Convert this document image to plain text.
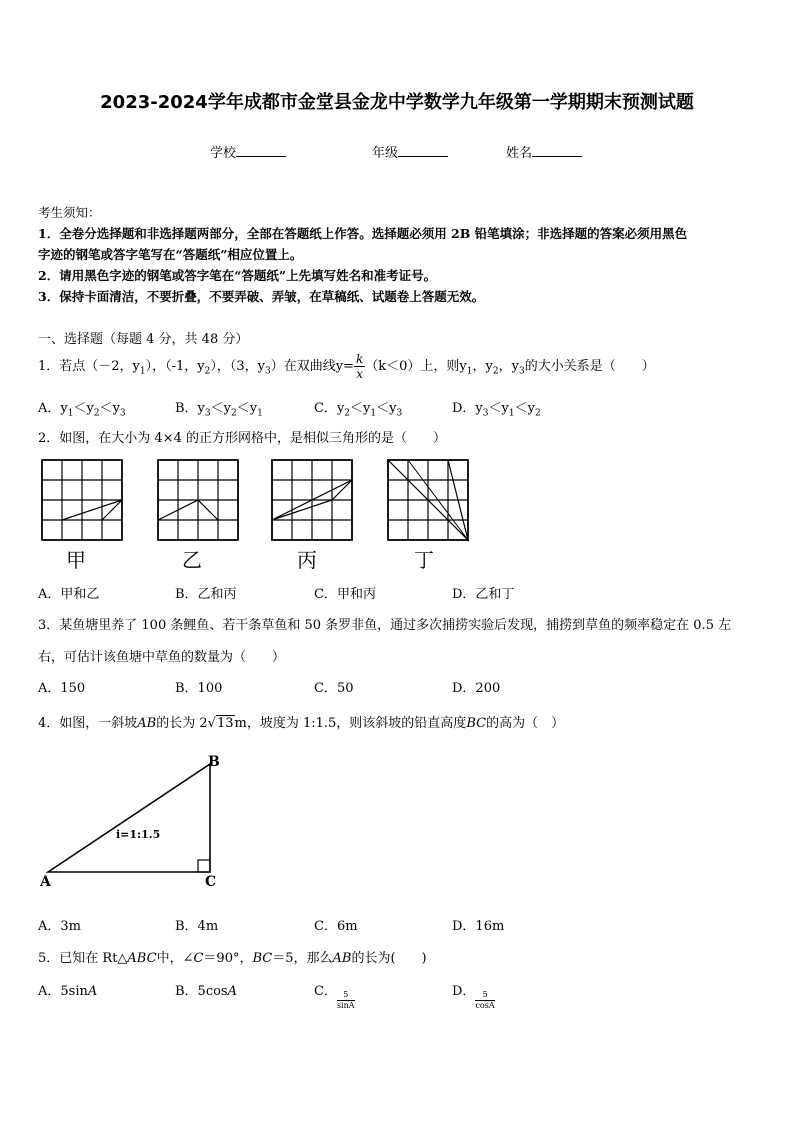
2023-2024学年成都市金堂县金龙中学数学九年级第一学期期末预测试题
学校	年级	姓名
考生须知：
1．全卷分选择题和非选择题两部分，全部在答题纸上作答。选择题必须用 2B 铅笔填涂；非选择题的答案必须用黑色
字迹的钢笔或答字笔写在“答题纸”相应位置上。
2．请用黑色字迹的钢笔或答字笔在“答题纸”上先填写姓名和准考证号。
3．保持卡面清洁，不要折叠，不要弄破、弄皱，在草稿纸、试题卷上答题无效。
一、选择题（每题 4 分，共 48 分）
1．若点（－2，$y_1$），（-1，$y_2$），（3，$y_3$）在双曲线$y= \frac{k}{x} (k<0)$上，则$y_1$，$y_2$，$y_3$的大小关系是（　　）
A．$y_1<y_2<y_3$	B．$y_3<y_2<y_1$	C．$y_2<y_1<y_3$	D．$y_3<y_1<y_2$
2．如图，在大小为 4×4 的正方形网格中，是相似三角形的是（　　）
甲	乙	丙	丁
A．甲和乙	B．乙和丙	C．甲和丙	D．乙和丁
3．某鱼塘里养了 100 条鲤鱼、若干条草鱼和 50 条罗非鱼，通过多次捕捞实验后发现，捕捞到草鱼的频率稳定在 0.5 左
右，可估计该鱼塘中草鱼的数量为（　　）
A．150	B．100	C．50	D．200
4．如图，一斜坡AB的长为 2√13m，坡度为 1:1.5，则该斜坡的铅直高度BC的高为（　）
B
A	C
i=1:1.5
A．3m	B．4m	C．6m	D．16m
5．已知在 Rt△ABC中，∠C＝90°，BC＝5，那么AB的长为(　　)
A．5sinA	B．5cosA	C． $\frac{5}{\sin A}$	D． $\frac{5}{\cos A}$
